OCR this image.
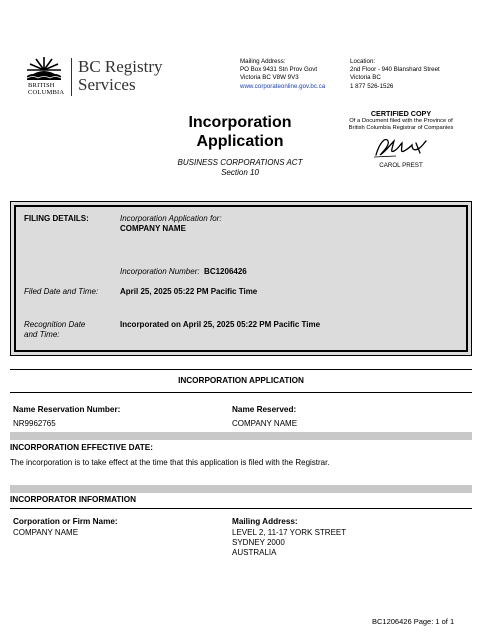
BRITISH
COLUMBIA
BC Registry
Services
Mailing Address:
PO Box 9431 Stn Prov Govt
Victoria BC V8W 9V3
www.corporateonline.gov.bc.ca
Location:
2nd Floor - 940 Blanshard Street
Victoria BC
1 877 526-1526
Incorporation
Application
BUSINESS CORPORATIONS ACT
Section 10
CERTIFIED COPY
Of a Document filed with the Province of
British Columbia Registrar of Companies
CAROL PREST
FILING DETAILS:	Incorporation Application for:
COMPANY NAME
Incorporation Number: BC1206426
Filed Date and Time:	April 25, 2025 05:22 PM Pacific Time
Recognition Date
and Time:
Incorporated on April 25, 2025 05:22 PM Pacific Time
INCORPORATION APPLICATION
Name Reservation Number:
NR9962765
Name Reserved:
COMPANY NAME
INCORPORATION EFFECTIVE DATE:
The incorporation is to take effect at the time that this application is filed with the Registrar.
INCORPORATOR INFORMATION
Corporation or Firm Name:
COMPANY NAME
Mailing Address:
LEVEL 2, 11-17 YORK STREET
SYDNEY 2000
AUSTRALIA
BC1206426 Page: 1 of 1
